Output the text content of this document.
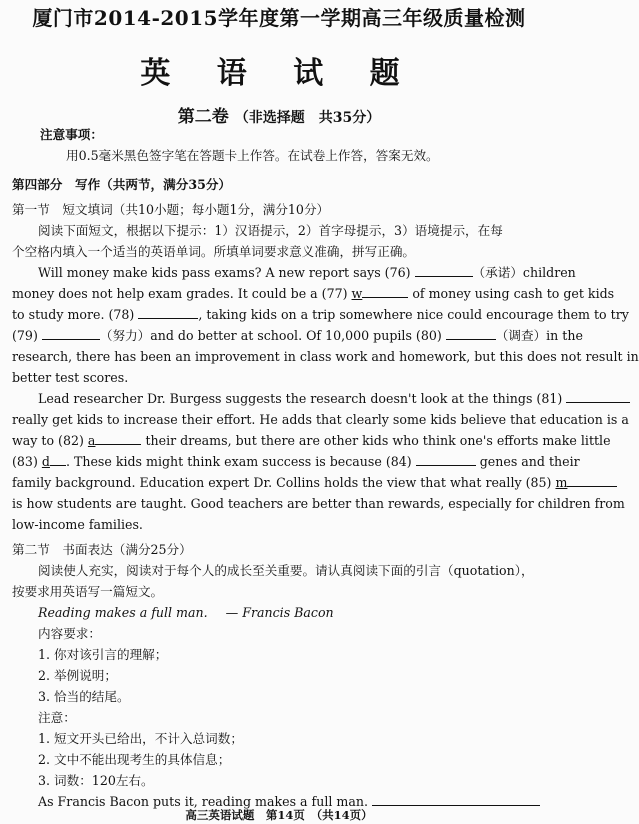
厦门市2014-2015学年度第一学期高三年级质量检测
英 语 试 题
第二卷 （非选择题　共35分）
注意事项：
用0.5毫米黑色签字笔在答题卡上作答。在试卷上作答，答案无效。
第四部分　写作（共两节，满分35分）
第一节　短文填词（共10小题；每小题1分，满分10分）
阅读下面短文，根据以下提示：1）汉语提示，2）首字母提示，3）语境提示，在每
个空格内填入一个适当的英语单词。所填单词要求意义准确，拼写正确。
Will money make kids pass exams? A new report says (76)	（承诺）children
money does not help exam grades. It could be a (77) w	of money using cash to get kids
to study more. (78)	, taking kids on a trip somewhere nice could encourage them to try
(79)	（努力）and do better at school. Of 10,000 pupils (80)	（调查）in the
research, there has been an improvement in class work and homework, but this does not result in
better test scores.
Lead researcher Dr. Burgess suggests the research doesn't look at the things (81)
really get kids to increase their effort. He adds that clearly some kids believe that education is a
way to (82) a	their dreams, but there are other kids who think one's efforts make little
(83) d . These kids might think exam success is because (84)	genes and their
family background. Education expert Dr. Collins holds the view that what really (85) m
is how students are taught. Good teachers are better than rewards, especially for children from
low-income families.
第二节　书面表达（满分25分）
阅读使人充实，阅读对于每个人的成长至关重要。请认真阅读下面的引言（quotation），
按要求用英语写一篇短文。
Reading makes a full man. — Francis Bacon
内容要求：
1. 你对该引言的理解；
2. 举例说明；
3. 恰当的结尾。
注意：
1. 短文开头已给出，不计入总词数；
2. 文中不能出现考生的具体信息；
3. 词数：120左右。
As Francis Bacon puts it, reading makes a full man.
高三英语试题　第14页　（共14页）
